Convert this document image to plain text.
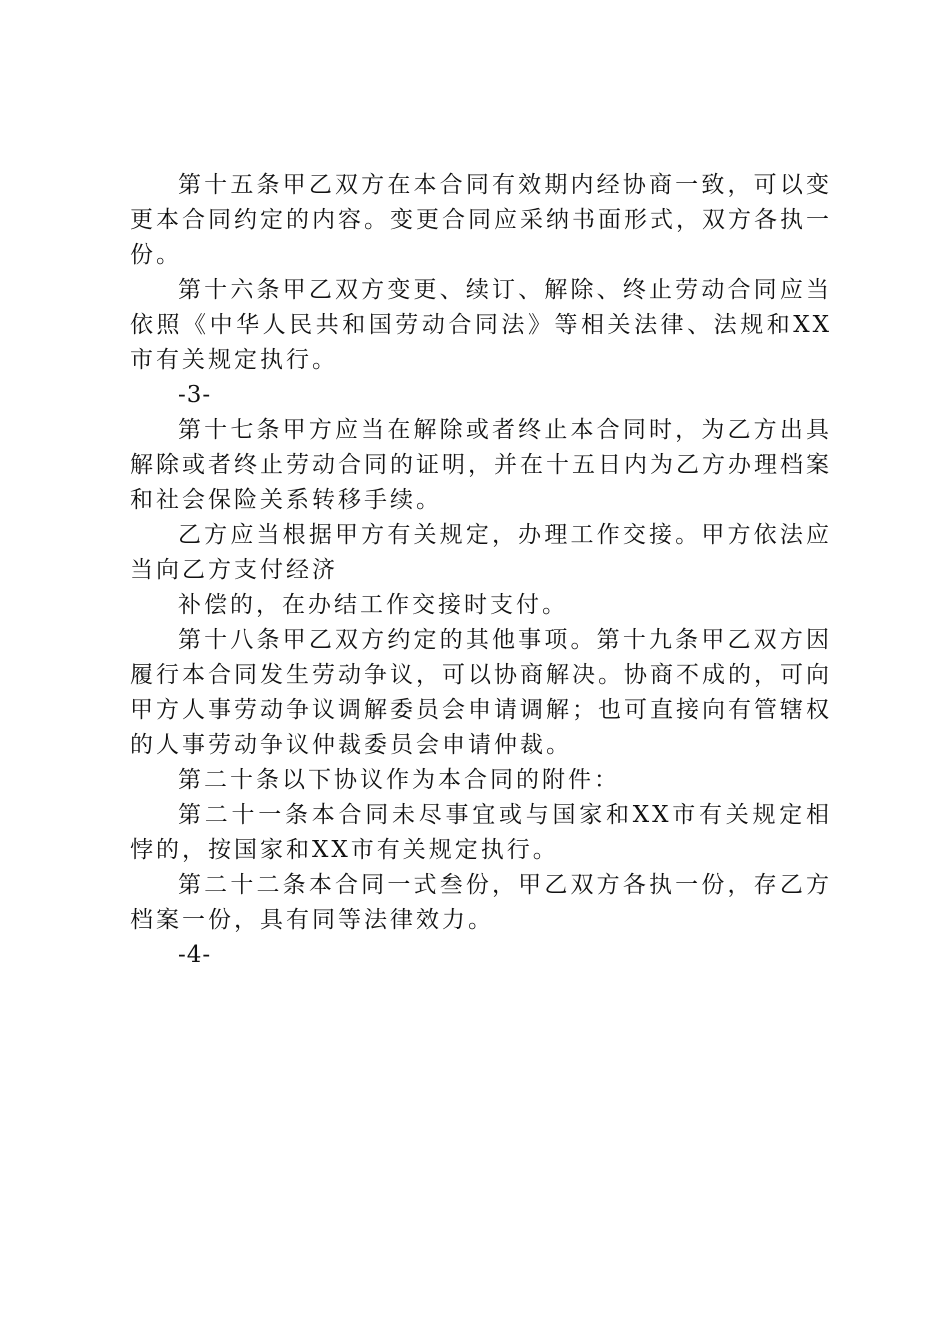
第十五条甲乙双方在本合同有效期内经协商一致，可以变更本合同约定的内容。变更合同应采纳书面形式，双方各执一份。

第十六条甲乙双方变更、续订、解除、终止劳动合同应当依照《中华人民共和国劳动合同法》等相关法律、法规和XX市有关规定执行。

-3-

第十七条甲方应当在解除或者终止本合同时，为乙方出具解除或者终止劳动合同的证明，并在十五日内为乙方办理档案和社会保险关系转移手续。

乙方应当根据甲方有关规定，办理工作交接。甲方依法应当向乙方支付经济

补偿的，在办结工作交接时支付。

第十八条甲乙双方约定的其他事项。第十九条甲乙双方因履行本合同发生劳动争议，可以协商解决。协商不成的，可向甲方人事劳动争议调解委员会申请调解；也可直接向有管辖权的人事劳动争议仲裁委员会申请仲裁。

第二十条以下协议作为本合同的附件：

第二十一条本合同未尽事宜或与国家和XX市有关规定相悖的，按国家和XX市有关规定执行。

第二十二条本合同一式叁份，甲乙双方各执一份，存乙方档案一份，具有同等法律效力。

-4-
